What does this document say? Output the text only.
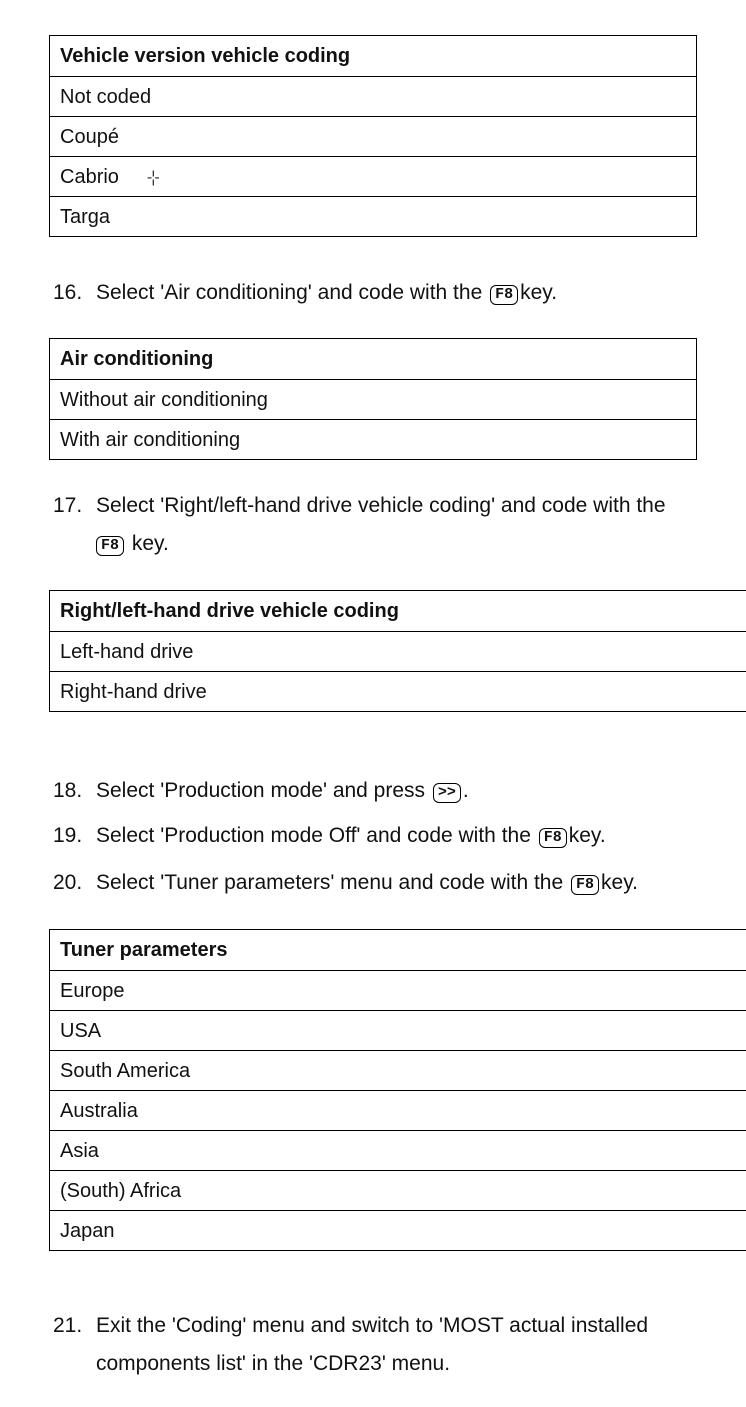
Vehicle version vehicle coding
Not coded
Coupé
Cabrio -¦-
Targa
16. Select 'Air conditioning' and code with the F8 key.
Air conditioning
Without air conditioning
With air conditioning
17. Select 'Right/left-hand drive vehicle coding' and code with the
F8 key.
Right/left-hand drive vehicle coding
Left-hand drive
Right-hand drive
18. Select 'Production mode' and press >> .
19. Select 'Production mode Off' and code with the F8 key.
20. Select 'Tuner parameters' menu and code with the F8 key.
Tuner parameters
Europe
USA
South America
Australia
Asia
(South) Africa
Japan
21. Exit the 'Coding' menu and switch to 'MOST actual installed
components list' in the 'CDR23' menu.
